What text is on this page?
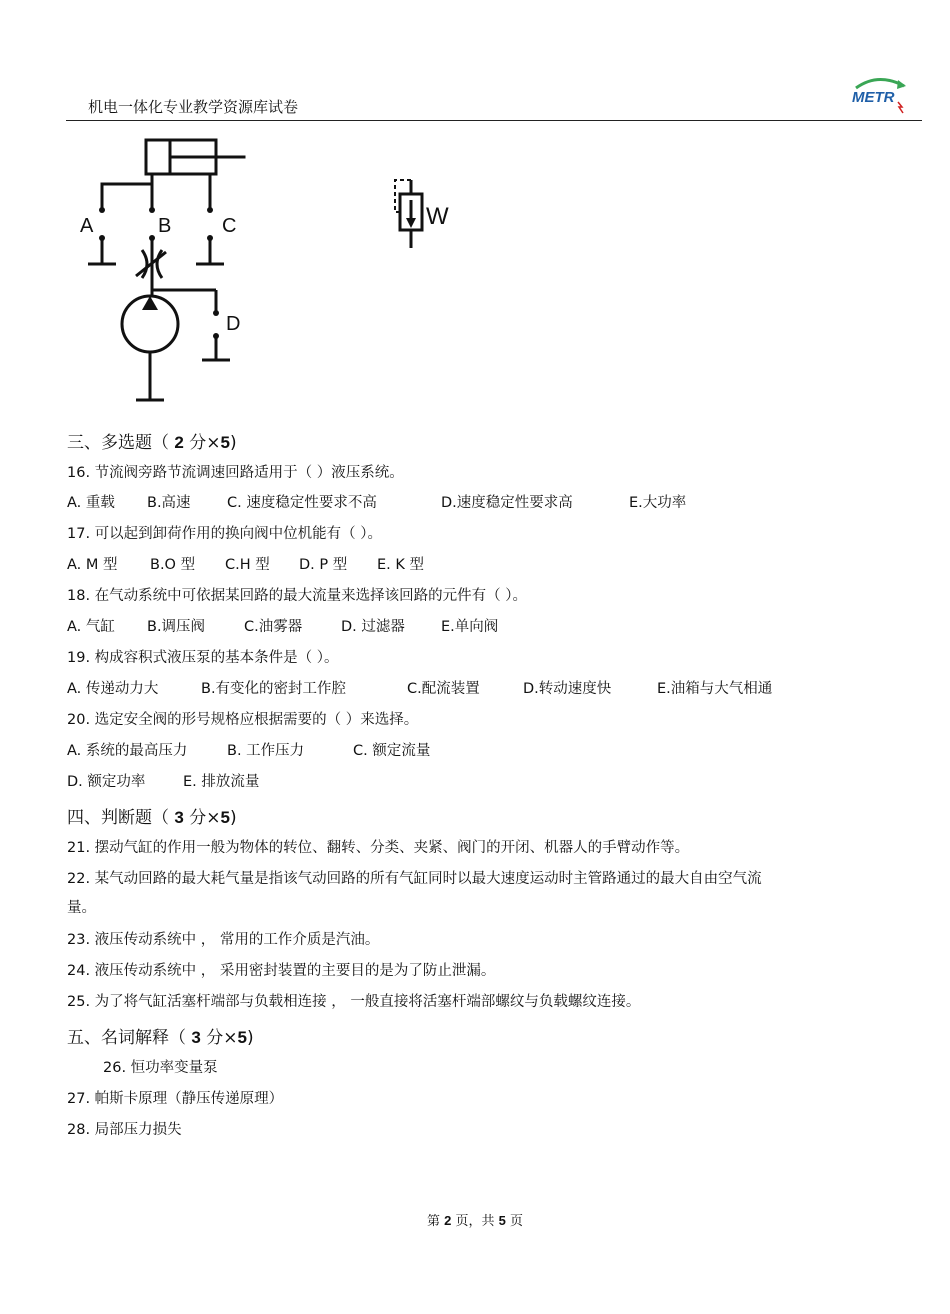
机电一体化专业教学资源库试卷
METR
A	B	C
D
W
三、多选题（ 2 分×5)
16. 节流阀旁路节流调速回路适用于（ ）液压系统。
A. 重载 B.高速	C. 速度稳定性要求不高	D.速度稳定性要求高	E.大功率
17. 可以起到卸荷作用的换向阀中位机能有（ ）。
A. M 型 B.O 型 C.H 型 D. P 型 E. K 型
18. 在气动系统中可依据某回路的最大流量来选择该回路的元件有（ ）。
A. 气缸 B.调压阀	C.油雾器	D. 过滤器 E.单向阀
19. 构成容积式液压泵的基本条件是（ ）。
A. 传递动力大	B.有变化的密封工作腔	C.配流装置	D.转动速度快	E.油箱与大气相通
20. 选定安全阀的形号规格应根据需要的（ ）来选择。
A. 系统的最高压力	B. 工作压力	C. 额定流量
D. 额定功率	E. 排放流量
四、判断题（ 3 分×5)
21. 摆动气缸的作用一般为物体的转位、翻转、分类、夹紧、阀门的开闭、机器人的手臂动作等。
22. 某气动回路的最大耗气量是指该气动回路的所有气缸同时以最大速度运动时主管路通过的最大自由空气流
量。
23. 液压传动系统中 ， 常用的工作介质是汽油。
24. 液压传动系统中 ， 采用密封装置的主要目的是为了防止泄漏。
25. 为了将气缸活塞杆端部与负载相连接 ， 一般直接将活塞杆端部螺纹与负载螺纹连接。
五、名词解释（ 3 分×5)
26. 恒功率变量泵
27. 帕斯卡原理（静压传递原理）
28. 局部压力损失
第 2 页，共 5 页
